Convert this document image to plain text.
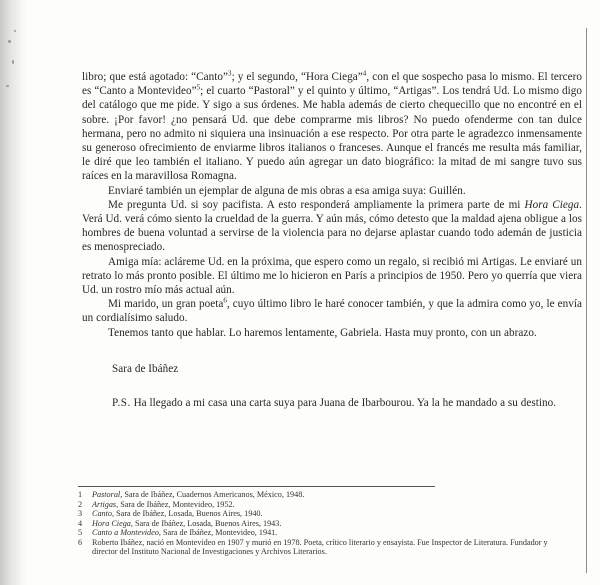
libro; que está agotado: “Canto”$^3$; y el segundo, “Hora Ciega”$^4$, con el que sospecho pasa lo mismo. El tercero es “Canto a Montevideo”$^5$; el cuarto “Pastoral” y el quinto y último, “Artigas”. Los tendrá Ud. Lo mismo digo del catálogo que me pide. Y sigo a sus órdenes. Me habla además de cierto chequecillo que no encontré en el sobre. ¡Por favor! ¿no pensará Ud. que debe comprarme mis libros? No puedo ofenderme con tan dulce hermana, pero no admito ni siquiera una insinuación a ese respecto. Por otra parte le agradezco inmensamente su generoso ofrecimiento de enviarme libros italianos o franceses. Aunque el francés me resulta más familiar, le diré que leo también el italiano. Y puedo aún agregar un dato biográfico: la mitad de mi sangre tuvo sus raíces en la maravillosa Romagna.

Enviaré también un ejemplar de alguna de mis obras a esa amiga suya: Guillén.

Me pregunta Ud. si soy pacifista. A esto responderá ampliamente la primera parte de mi Hora Ciega. Verá Ud. verá cómo siento la crueldad de la guerra. Y aún más, cómo detesto que la maldad ajena obligue a los hombres de buena voluntad a servirse de la violencia para no dejarse aplastar cuando todo ademán de justicia es menospreciado.

Amiga mía: acláreme Ud. en la próxima, que espero como un regalo, si recibió mi Artigas. Le enviaré un retrato lo más pronto posible. El último me lo hicieron en París a principios de 1950. Pero yo querría que viera Ud. un rostro mío más actual aún.

Mi marido, un gran poeta$^6$, cuyo último libro le haré conocer también, y que la admira como yo, le envía un cordialísimo saludo.

Tenemos tanto que hablar. Lo haremos lentamente, Gabriela. Hasta muy pronto, con un abrazo.

Sara de Ibáñez

P.S. Ha llegado a mi casa una carta suya para Juana de Ibarbourou. Ya la he mandado a su destino.

1	Pastoral, Sara de Ibáñez, Cuadernos Americanos, México, 1948.
2	Artigas, Sara de Ibáñez, Montevideo, 1952.
3	Canto, Sara de Ibáñez, Losada, Buenos Aires, 1940.
4	Hora Ciega, Sara de Ibáñez, Losada, Buenos Aires, 1943.
5	Canto a Montevideo, Sara de Ibáñez, Montevideo, 1941.
6	Roberto Ibáñez, nació en Montevideo en 1907 y murió en 1978. Poeta, crítico literario y ensayista. Fue Inspector de Literatura. Fundador y director del Instituto Nacional de Investigaciones y Archivos Literarios.
